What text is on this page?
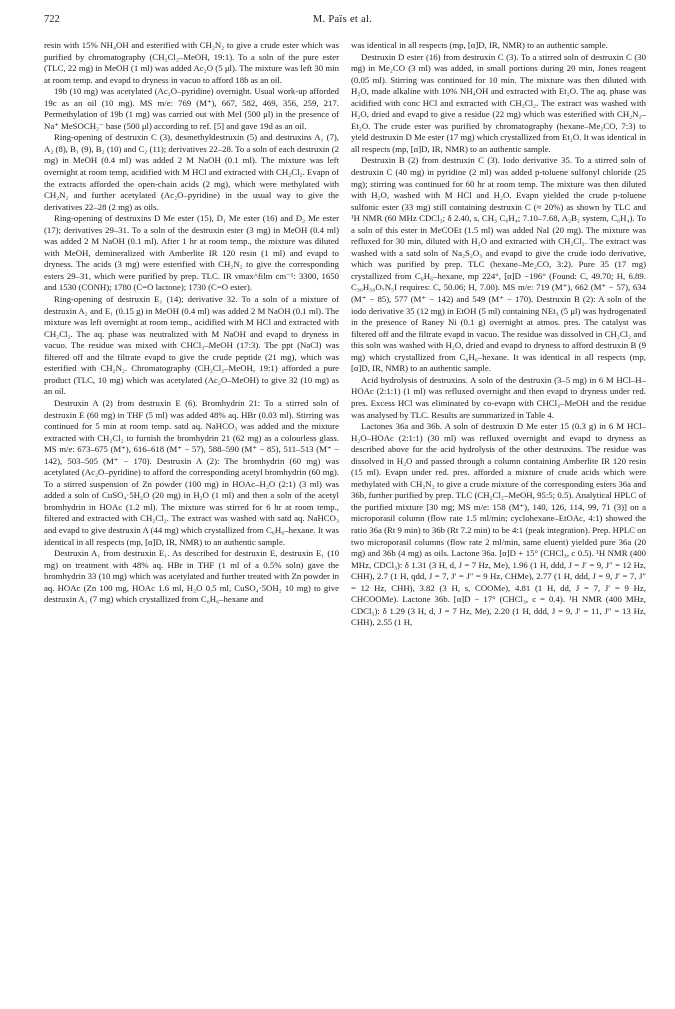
722	M. Païs et al.

resin with 15% NH₄OH and esterified with CH₂N₂ to give a crude ester which was purified by chromatography (CH₂Cl₂–MeOH, 19:1). To a soln of the pure ester (TLC, 22 mg) in MeOH (1 ml) was added Ac₂O (5 μl). The mixture was left 30 min at room temp. and evapd to dryness in vacuo to afford 18b as an oil.

19b (10 mg) was acetylated (Ac₂O–pyridine) overnight. Usual work-up afforded 19c as an oil (10 mg). MS m/e: 769 (M⁺), 667, 582, 469, 356, 259, 217. Permethylation of 19b (1 mg) was carried out with MeI (500 μl) in the presence of Na⁺ MeSOCH₂⁻ base (500 μl) according to ref. [5] and gave 19d as an oil.

Ring-opening of destruxin C (3), desmethyldestruxin (5) and destruxins A₁ (7), A₂ (8), B₁ (9), B₂ (10) and C₂ (11); derivatives 22–28. To a soln of each destruxin (2 mg) in MeOH (0.4 ml) was added 2 M NaOH (0.1 ml). The mixture was left overnight at room temp, acidified with M HCl and extracted with CH₂Cl₂. Evapn of the extracts afforded the open-chain acids (2 mg), which were methylated with CH₂N₂ and further acetylated (Ac₂O–pyridine) in the usual way to give the derivatives 22–28 (2 mg) as oils.

Ring-opening of destruxins D Me ester (15), D₁ Me ester (16) and D₂ Me ester (17); derivatives 29–31. To a soln of the destruxin ester (3 mg) in MeOH (0.4 ml) was added 2 M NaOH (0.1 ml). After 1 hr at room temp., the mixture was diluted with MeOH, demineralized with Amberlite IR 120 resin (1 ml) and evapd to dryness. The acids (3 mg) were esterified with CH₂N₂ to give the corresponding esters 29–31, which were purified by prep. TLC. IR νmax^film cm⁻¹: 3300, 1650 and 1530 (CONH); 1780 (C=O lactone); 1730 (C=O ester).

Ring-opening of destruxin E₁ (14); derivative 32. To a soln of a mixture of destruxin A₂ and E₁ (0.15 g) in MeOH (0.4 ml) was added 2 M NaOH (0.1 ml). The mixture was left overnight at room temp., acidified with M HCl and extracted with CH₂Cl₂. The aq. phase was neutralized with M NaOH and evapd to dryness in vacuo. The residue was mixed with CHCl₃–MeOH (17:3). The ppt (NaCl) was filtered off and the filtrate evapd to give the crude peptide (21 mg), which was esterified with CH₂N₂. Chromatography (CH₂Cl₂–MeOH, 19:1) afforded a pure product (TLC, 10 mg) which was acetylated (Ac₂O–MeOH) to give 32 (10 mg) as an oil.

Destruxin A (2) from destruxin E (6). Bromhydrin 21: To a stirred soln of destruxin E (60 mg) in THF (5 ml) was added 48% aq. HBr (0.03 ml). Stirring was continued for 5 min at room temp. satd aq. NaHCO₃ was added and the mixture extracted with CH₂Cl₂ to furnish the bromhydrin 21 (62 mg) as a colourless glass. MS m/e: 673–675 (M⁺), 616–618 (M⁺ − 57), 588–590 (M⁺ − 85), 511–513 (M⁺ − 142), 503–505 (M⁺ − 170). Destruxin A (2): The bromhydrin (60 mg) was acetylated (Ac₂O–pyridine) to afford the corresponding acetyl bromhydrin (60 mg). To a stirred suspension of Zn powder (100 mg) in HOAc–H₂O (2:1) (3 ml) was added a soln of CuSO₄·5H₂O (20 mg) in H₂O (1 ml) and then a soln of the acetyl bromhydrin in HOAc (1.2 ml). The mixture was stirred for 6 hr at room temp., filtered and extracted with CH₂Cl₂. The extract was washed with satd aq. NaHCO₃ and evapd to give destruxin A (44 mg) which crystallized from C₆H₆–hexane. It was identical in all respects (mp, [α]D, IR, NMR) to an authentic sample.

Destruxin A₁ from destruxin E₁. As described for destruxin E, destruxin E₁ (10 mg) on treatment with 48% aq. HBr in THF (1 ml of a 0.5% soln) gave the bromhydrin 33 (10 mg) which was acetylated and further treated with Zn powder in aq. HOAc (Zn 100 mg, HOAc 1.6 ml, H₂O 0.5 ml, CuSO₄·5OH₂ 10 mg) to give destruxin A₁ (7 mg) which crystallized from C₆H₆–hexane and

was identical in all respects (mp, [α]D, IR, NMR) to an authentic sample.

Destruxin D ester (16) from destruxin C (3). To a stirred soln of destruxin C (30 mg) in Me₂CO (3 ml) was added, in small portions during 20 min, Jones reagent (0.05 ml). Stirring was continued for 10 min. The mixture was then diluted with H₂O, made alkaline with 10% NH₄OH and extracted with Et₂O. The aq. phase was acidified with conc HCl and extracted with CH₂Cl₂. The extract was washed with H₂O, dried and evapd to give a residue (22 mg) which was esterified with CH₂N₂–Et₂O. The crude ester was purified by chromatography (hexane–Me₂CO, 7:3) to yield destruxin D Me ester (17 mg) which crystallized from Et₂O. It was identical in all respects (mp, [α]D, IR, NMR) to an authentic sample.

Destruxin B (2) from destruxin C (3). Iodo derivative 35. To a stirred soln of destruxin C (40 mg) in pyridine (2 ml) was added p-toluene sulfonyl chloride (25 mg); stirring was continued for 60 hr at room temp. The mixture was then diluted with H₂O, washed with M HCl and H₂O. Evapn yielded the crude p-toluene sulfonic ester (33 mg) still containing destruxin C (≈ 20%) as shown by TLC and ¹H NMR (60 MHz CDCl₃; δ 2.40, s, CH₃ C₆H₄; 7.10–7.68, A₂B₂ system, C₆H₄). To a soln of this ester in MeCOEt (1.5 ml) was added NaI (20 mg). The mixture was refluxed for 30 min, diluted with H₂O and extracted with CH₂Cl₂. The extract was washed with a satd soln of Na₂S₂O₃ and evapd to give the crude iodo derivative, which was purified by prep. TLC (hexane–Me₂CO, 3:2). Pure 35 (17 mg) crystallized from C₆H₆–hexane, mp 224°, [α]D −196° (Found: C, 49.70; H, 6.89. C₃₀H₅₀O₇N₅I requires: C, 50.06; H, 7.00). MS m/e: 719 (M⁺), 662 (M⁺ − 57), 634 (M⁺ − 85), 577 (M⁺ − 142) and 549 (M⁺ − 170). Destruxin B (2): A soln of the iodo derivative 35 (12 mg) in EtOH (5 ml) containing NEt₃ (5 μl) was hydrogenated in the presence of Raney Ni (0.1 g) overnight at atmos. pres. The catalyst was filtered off and the filtrate evapd in vacuo. The residue was dissolved in CH₂Cl₂ and this soln was washed with H₂O, dried and evapd to dryness to afford destruxin B (9 mg) which crystallized from C₆H₆–hexane. It was identical in all respects (mp, [α]D, IR, NMR) to an authentic sample.

Acid hydrolysis of destruxins. A soln of the destruxin (3–5 mg) in 6 M HCl–H–HOAc (2:1:1) (1 ml) was refluxed overnight and then evapd to dryness under red. pres. Excess HCl was eliminated by co-evapn with CHCl₃–MeOH and the residue was analysed by TLC. Results are summarized in Table 4.

Lactones 36a and 36b. A soln of destruxin D Me ester 15 (0.3 g) in 6 M HCl–H₂O–HOAc (2:1:1) (30 ml) was refluxed overnight and evapd to dryness as described above for the acid hydrolysis of the other destruxins. The residue was dissolved in H₂O and passed through a column containing Amberlite IR 120 resin (15 ml). Evapn under red. pres. afforded a mixture of crude acids which were methylated with CH₂N₂ to give a crude mixture of the corresponding esters 36a and 36b, further purified by prep. TLC (CH₂Cl₂–MeOH, 95:5; 0.5). Analytical HPLC of the purified mixture [30 mg; MS m/e: 158 (M⁺), 140, 126, 114, 99, 71 (3)] on a microporasil column (flow rate 1.5 ml/min; cyclohexane–EtOAc, 4:1) showed the ratio 36a (Rt 9 min) to 36b (Rt 7.2 min) to be 4:1 (peak integration). Prep. HPLC on two microporasil columns (flow rate 2 ml/min, same eluent) yielded pure 36a (20 mg) and 36b (4 mg) as oils. Lactone 36a. [α]D + 15° (CHCl₃, c 0.5). ¹H NMR (400 MHz, CDCl₃): δ 1.31 (3 H, d, J = 7 Hz, Me), 1.96 (1 H, ddd, J = J′ = 9, J″ = 12 Hz, CHH), 2.7 (1 H, qdd, J = 7, J′ = J″ = 9 Hz, CHMe), 2.77 (1 H, ddd, J = 9, J′ = 7, J″ = 12 Hz, CHH), 3.82 (3 H, s, COOMe), 4.81 (1 H, dd, J = 7, J′ = 9 Hz, CHCOOMe). Lactone 36b. [α]D − 17° (CHCl₃, c = 0.4). ¹H NMR (400 MHz, CDCl₃): δ 1.29 (3 H, d, J = 7 Hz, Me), 2.20 (1 H, ddd, J = 9, J′ = 11, J″ = 13 Hz, CHH), 2.55 (1 H,
